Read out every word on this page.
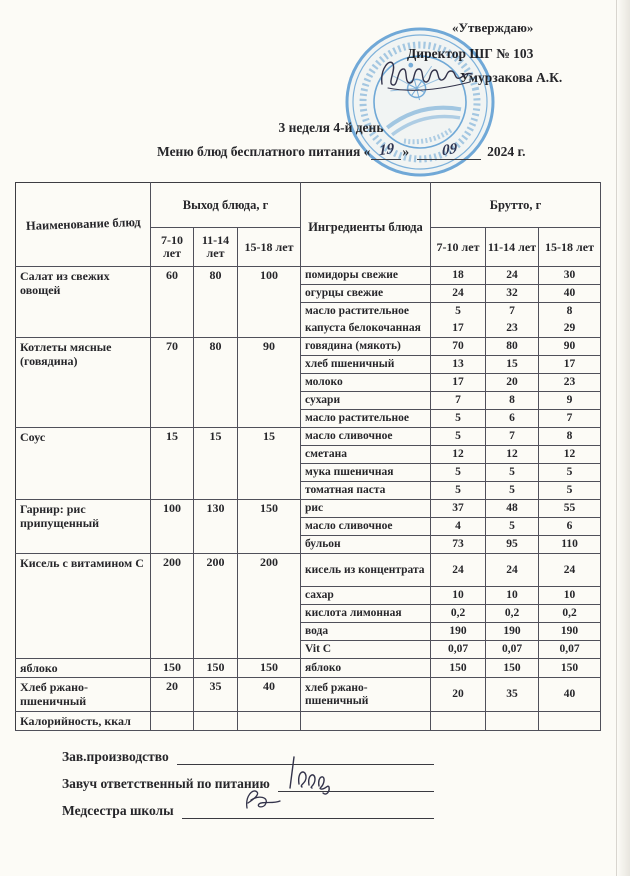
«Утверждаю»
Директор ШГ № 103
Умурзакова А.К.
3 неделя 4-й день
Меню блюд бесплатного питания « 19 » 09 2024 г.
Наименование блюд	Выход блюда, г			Ингредиенты блюда	Брутто, г		
	7-10 лет	11-14 лет	15-18 лет		7-10 лет	11-14 лет	15-18 лет
Салат из свежих овощей	60	80	100	помидоры свежие	18	24	30
				огурцы свежие	24	32	40
				масло растительное	5	7	8
				капуста белокочанная	17	23	29
Котлеты мясные (говядина)	70	80	90	говядина (мякоть)	70	80	90
				хлеб пшеничный	13	15	17
				молоко	17	20	23
				сухари	7	8	9
				масло растительное	5	6	7
Соус	15	15	15	масло сливочное	5	7	8
				сметана	12	12	12
				мука пшеничная	5	5	5
				томатная паста	5	5	5
Гарнир: рис припущенный	100	130	150	рис	37	48	55
				масло сливочное	4	5	6
				бульон	73	95	110
Кисель с витамином С	200	200	200	кисель из концентрата	24	24	24
				сахар	10	10	10
				кислота лимонная	0,2	0,2	0,2
				вода	190	190	190
				Vit C	0,07	0,07	0,07
яблоко	150	150	150	яблоко	150	150	150
Хлеб ржано-пшеничный	20	35	40	хлеб ржано-пшеничный	20	35	40
Калорийность, ккал							
Зав.производство
Завуч ответственный по питанию
Медсестра школы
